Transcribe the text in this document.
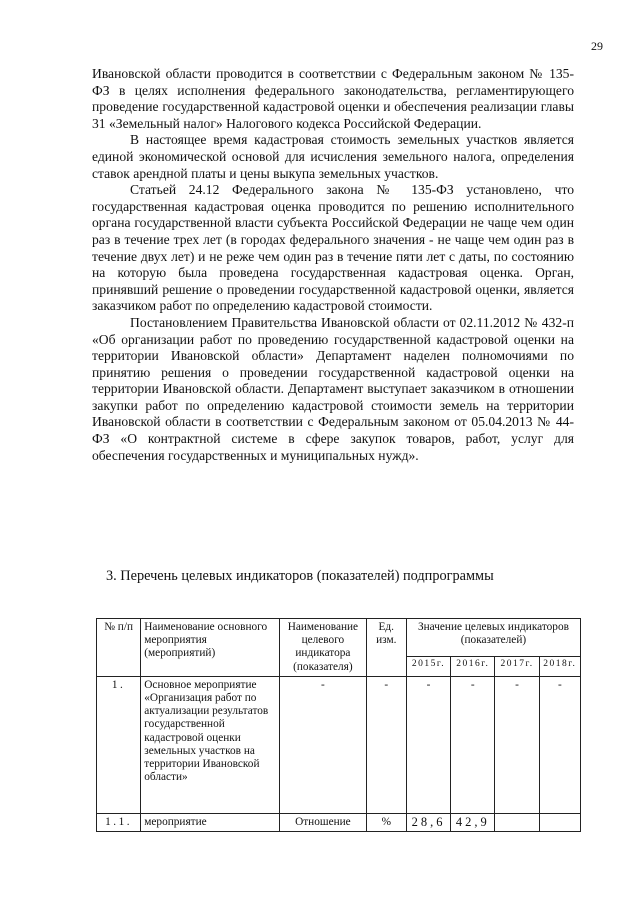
29

Ивановской области проводится в соответствии с Федеральным законом № 135-ФЗ в целях исполнения федерального законодательства, регламентирующего проведение государственной кадастровой оценки и обеспечения реализации главы 31 «Земельный налог» Налогового кодекса Российской Федерации.

В настоящее время кадастровая стоимость земельных участков является единой экономической основой для исчисления земельного налога, определения ставок арендной платы и цены выкупа земельных участков.

Статьей 24.12 Федерального закона № 135-ФЗ установлено, что государственная кадастровая оценка проводится по решению исполнительного органа государственной власти субъекта Российской Федерации не чаще чем один раз в течение трех лет (в городах федерального значения - не чаще чем один раз в течение двух лет) и не реже чем один раз в течение пяти лет с даты, по состоянию на которую была проведена государственная кадастровая оценка. Орган, принявший решение о проведении государственной кадастровой оценки, является заказчиком работ по определению кадастровой стоимости.

Постановлением Правительства Ивановской области от 02.11.2012 № 432-п «Об организации работ по проведению государственной кадастровой оценки на территории Ивановской области» Департамент наделен полномочиями по принятию решения о проведении государственной кадастровой оценки на территории Ивановской области. Департамент выступает заказчиком в отношении закупки работ по определению кадастровой стоимости земель на территории Ивановской области в соответствии с Федеральным законом от 05.04.2013 № 44-ФЗ «О контрактной системе в сфере закупок товаров, работ, услуг для обеспечения государственных и муниципальных нужд».

3. Перечень целевых индикаторов (показателей) подпрограммы
№ п/п	Наименование основного мероприятия (мероприятий)	Наименование целевого индикатора (показателя)	Ед. изм.	Значение целевых индикаторов (показателей)			
				2015г.	2016г.	2017г.	2018г.
1.	Основное мероприятие «Организация работ по актуализации результатов государственной кадастровой оценки земельных участков на территории Ивановской области»	-	-	-	-	-	-
1.1.	мероприятие	Отношение	%	28,6	42,9		
